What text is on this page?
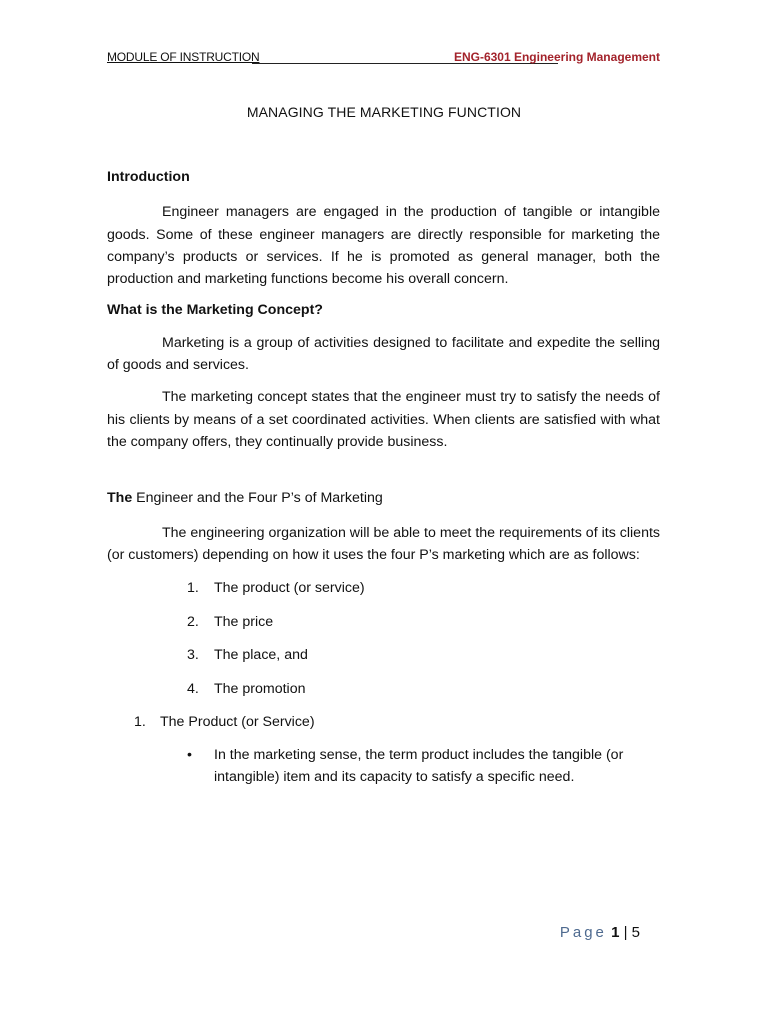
MODULE OF INSTRUCTION	ENG-6301 Engineering Management
MANAGING THE MARKETING FUNCTION

Introduction

Engineer managers are engaged in the production of tangible or intangible goods. Some of these engineer managers are directly responsible for marketing the company’s products or services. If he is promoted as general manager, both the production and marketing functions become his overall concern.

What is the Marketing Concept?

Marketing is a group of activities designed to facilitate and expedite the selling of goods and services.

The marketing concept states that the engineer must try to satisfy the needs of his clients by means of a set coordinated activities. When clients are satisfied with what the company offers, they continually provide business.

The Engineer and the Four P’s of Marketing

The engineering organization will be able to meet the requirements of its clients (or customers) depending on how it uses the four P’s marketing which are as follows:

1. The product (or service)
2. The price
3. The place, and
4. The promotion
1. The Product (or Service)
• In the marketing sense, the term product includes the tangible (or intangible) item and its capacity to satisfy a specific need.
Page 1 | 5
